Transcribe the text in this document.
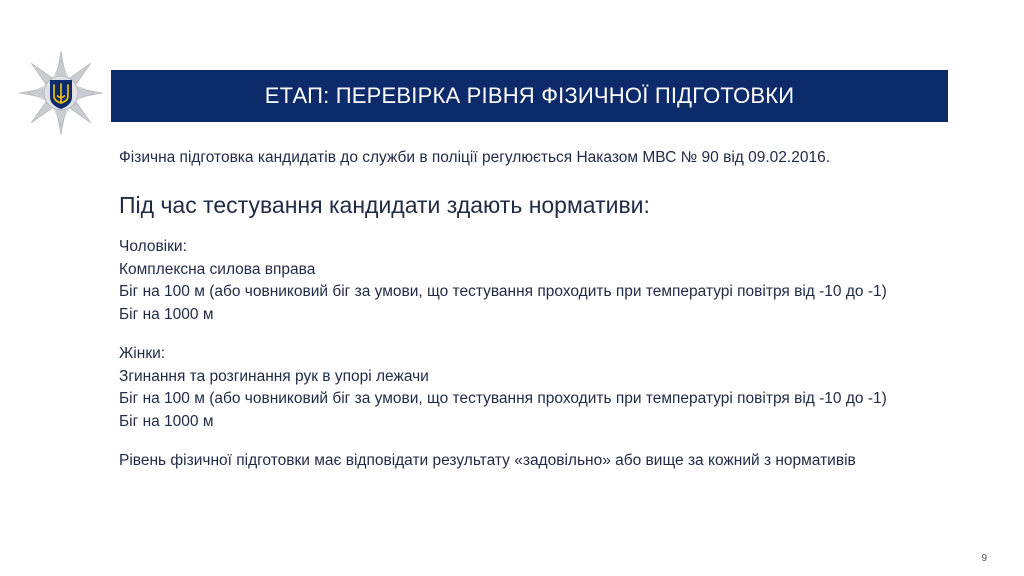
ЕТАП: ПЕРЕВІРКА РІВНЯ ФІЗИЧНОЇ ПІДГОТОВКИ

Фізична підготовка кандидатів до служби в поліції регулюється Наказом МВС № 90 від 09.02.2016.

Під час тестування кандидати здають нормативи:

Чоловіки:
Комплексна силова вправа
Біг на 100 м (або човниковий біг за умови, що тестування проходить при температурі повітря від -10 до -1)
Біг на 1000 м
Жінки:
Згинання та розгинання рук в упорі лежачи
Біг на 100 м (або човниковий біг за умови, що тестування проходить при температурі повітря від -10 до -1)
Біг на 1000 м

Рівень фізичної підготовки має відповідати результату «задовільно» або вище за кожний з нормативів

9
